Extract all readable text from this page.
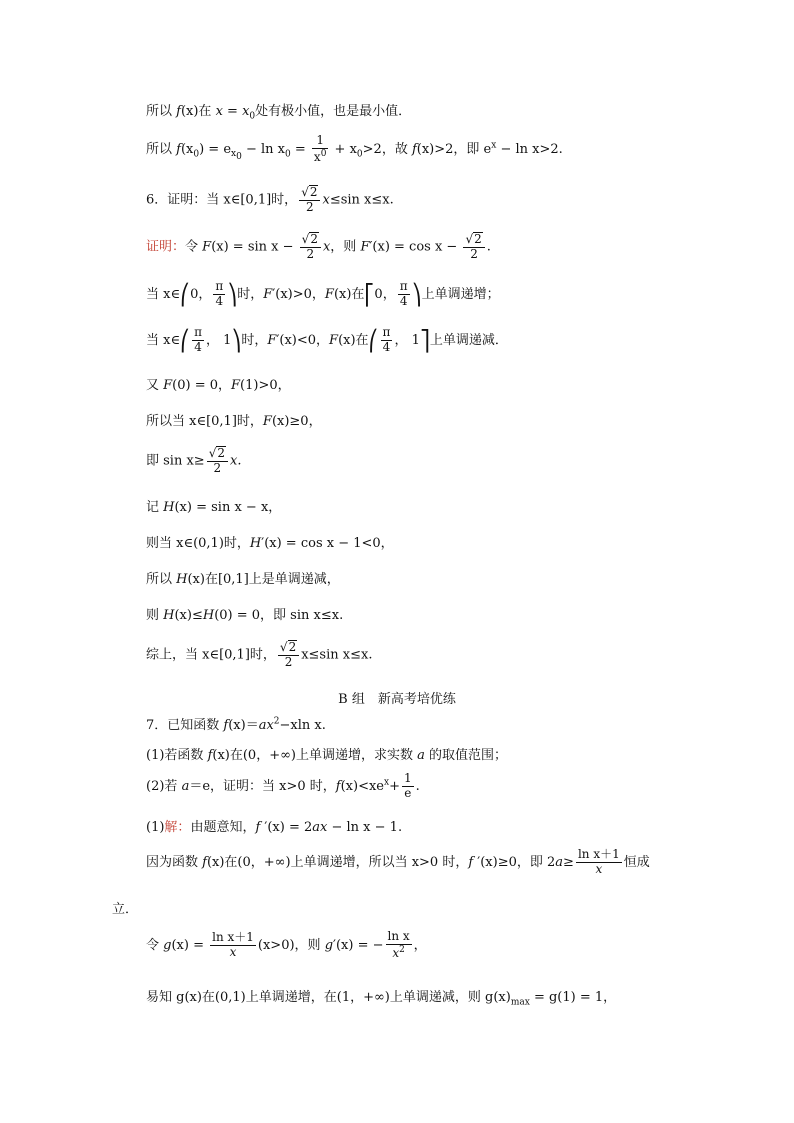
所以 f(x)在 $x = x_0$处有极小值，也是最小值．
所以 $f(x_0) = e_{x_0} - \ln x_0 = \frac{1}{x^0} + x_0>2$，故 f(x)>2，即 $e^x - \ln x>2$.
6．证明：当 x∈[0,1]时， $\frac{√2}{2} x\le\sin$ x≤x.
证明：令 $F(x) = \sin x - \frac{√2}{2}$ x，则 $F'(x) = \cos x - \frac{√2}{2}$ .
当 x∈⎛0， $\frac{\pi}{4}$ ⎞时，F′(x)>0，F(x)在⎡0， $\frac{\pi}{4}$ ⎞上单调递增；
当 x∈⎛ $\frac{\pi}{4}$ ， 1⎞时，F′(x)<0，F(x)在⎛ $\frac{\pi}{4}$ ， 1⎤上单调递减．
又 F(0) = 0，F(1)>0，
所以当 x∈[0,1]时，F(x)≥0，
即 $\sin x\ge \frac{√2}{2} x$.
记 H(x) = sin x − x，
则当 x∈(0,1)时，H′(x) = cos x − 1<0，
所以 H(x)在[0,1]上是单调递减，
则 H(x)≤H(0) = 0，即 sin x≤x.
综上，当 x∈[0,1]时， $\frac{√2}{2} x\le\sin$ x≤x.
B 组　新高考培优练
7．已知函数 $f(x)=ax^2-xln$ x.
(1)若函数 f(x)在(0，+∞)上单调递增，求实数 a 的取值范围；
(2)若 a＝e，证明：当 x>0 时，$f(x)<xe^x+ \frac{1}{e}$ .
(1)解：由题意知，f ′(x) = 2ax − ln x − 1.
因为函数 f(x)在(0，+∞)上单调递增，所以当 x>0 时，f ′(x)≥0，即 $2a\ge \frac{\text{ln x＋1}}{x}$ 恒成
立．
令 $g(x) = \frac{\text{ln x＋1}}{x} (x>0)$，则 g′(x) = − $\frac{\text{ln x}}{x^2}$ ，
易知 g(x)在(0,1)上单调递增，在(1，+∞)上单调递减，则 $g(x)_{max} = g(1) = 1$，
